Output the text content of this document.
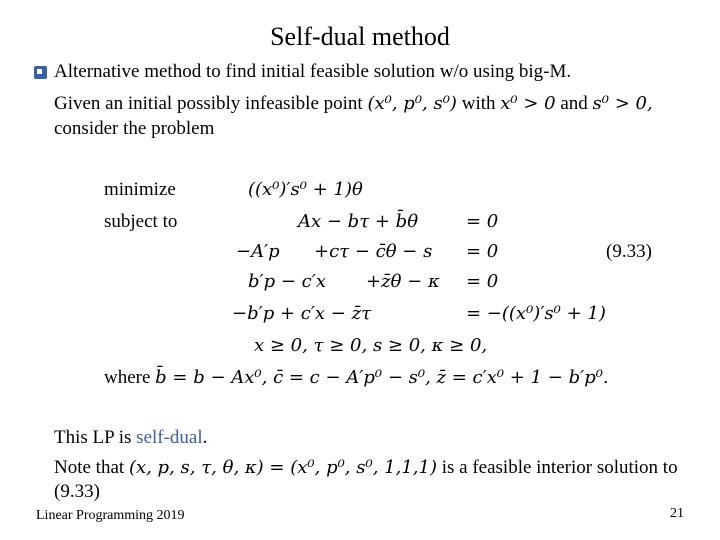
Self-dual method
Alternative method to find initial feasible solution w/o using big-M.
Given an initial possibly infeasible point (x⁰, p⁰, s⁰) with x⁰ > 0 and s⁰ > 0,
consider the problem
minimize	((x⁰)′s⁰ + 1)θ
subject to	Ax − bτ + b̄θ	= 0
−A′p      +cτ − c̄θ − s = 0	(9.33)
b′p − c′x       +z̄θ − κ = 0
−b′p + c′x − z̄τ	= −((x⁰)′s⁰ + 1)
x ≥ 0, τ ≥ 0, s ≥ 0, κ ≥ 0,
where b̄ = b − Ax⁰, c̄ = c − A′p⁰ − s⁰, z̄ = c′x⁰ + 1 − b′p⁰.
This LP is self-dual.
Note that (x, p, s, τ, θ, κ) = (x⁰, p⁰, s⁰, 1,1,1) is a feasible interior solution to
(9.33)
Linear Programming 2019	21
